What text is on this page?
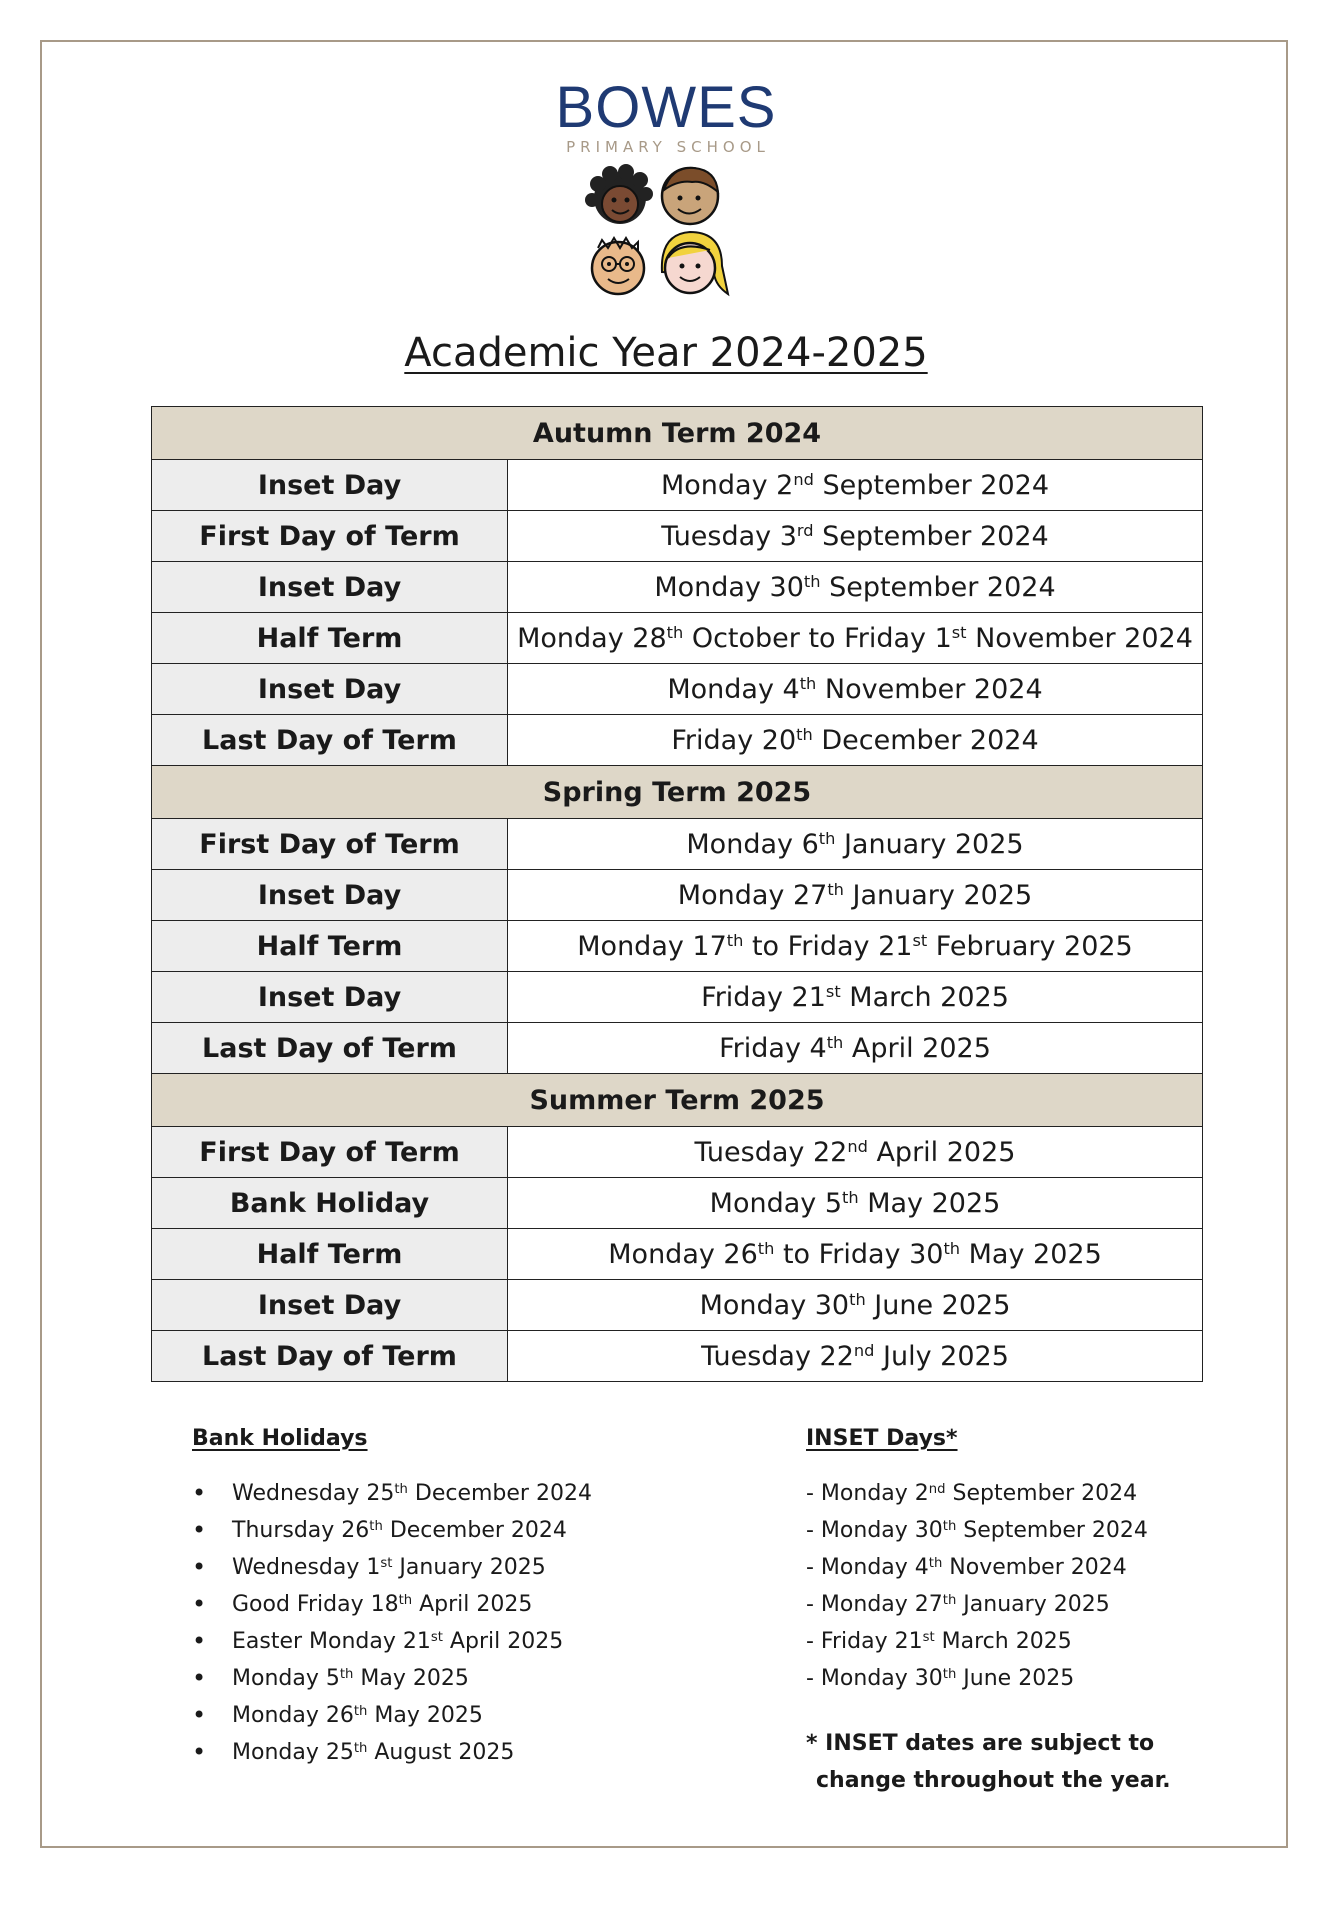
BOWES
PRIMARY SCHOOL
Academic Year 2024-2025
Autumn Term 2024	
Inset Day	Monday 2nd September 2024
First Day of Term	Tuesday 3rd September 2024
Inset Day	Monday 30th September 2024
Half Term	Monday 28th October to Friday 1st November 2024
Inset Day	Monday 4th November 2024
Last Day of Term	Friday 20th December 2024
Spring Term 2025	
First Day of Term	Monday 6th January 2025
Inset Day	Monday 27th January 2025
Half Term	Monday 17th to Friday 21st February 2025
Inset Day	Friday 21st March 2025
Last Day of Term	Friday 4th April 2025
Summer Term 2025	
First Day of Term	Tuesday 22nd April 2025
Bank Holiday	Monday 5th May 2025
Half Term	Monday 26th to Friday 30th May 2025
Inset Day	Monday 30th June 2025
Last Day of Term	Tuesday 22nd July 2025
Bank Holidays
• Wednesday 25th December 2024
• Thursday 26th December 2024
• Wednesday 1st January 2025
• Good Friday 18th April 2025
• Easter Monday 21st April 2025
• Monday 5th May 2025
• Monday 26th May 2025
• Monday 25th August 2025
INSET Days*
- Monday 2nd September 2024
- Monday 30th September 2024
- Monday 4th November 2024
- Monday 27th January 2025
- Friday 21st March 2025
- Monday 30th June 2025
* INSET dates are subject to
change throughout the year.
